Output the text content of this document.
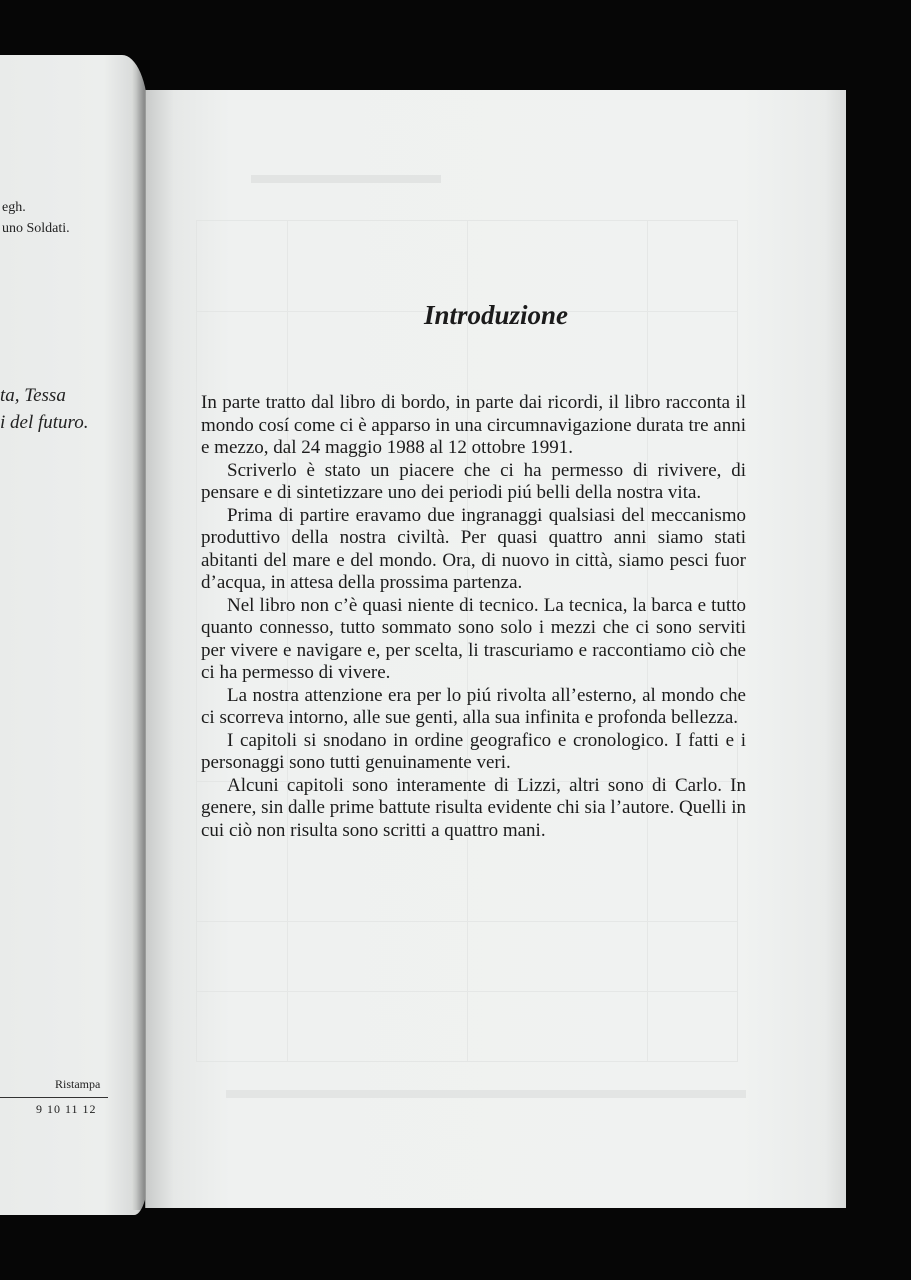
egh.
uno Soldati.
ta, Tessa
i del futuro.
Ristampa
9 10 11 12
Introduzione

In parte tratto dal libro di bordo, in parte dai ricordi, il libro racconta il mondo cosí come ci è apparso in una circumnavigazione durata tre anni e mezzo, dal 24 maggio 1988 al 12 ottobre 1991.

Scriverlo è stato un piacere che ci ha permesso di rivivere, di pensare e di sintetizzare uno dei periodi piú belli della nostra vita.

Prima di partire eravamo due ingranaggi qualsiasi del meccanismo produttivo della nostra civiltà. Per quasi quattro anni siamo stati abitanti del mare e del mondo. Ora, di nuovo in città, siamo pesci fuor d’acqua, in attesa della prossima partenza.

Nel libro non c’è quasi niente di tecnico. La tecnica, la barca e tutto quanto connesso, tutto sommato sono solo i mezzi che ci sono serviti per vivere e navigare e, per scelta, li trascuriamo e raccontiamo ciò che ci ha permesso di vivere.

La nostra attenzione era per lo piú rivolta all’esterno, al mondo che ci scorreva intorno, alle sue genti, alla sua infinita e profonda bellezza.

I capitoli si snodano in ordine geografico e cronologico. I fatti e i personaggi sono tutti genuinamente veri.

Alcuni capitoli sono interamente di Lizzi, altri sono di Carlo. In genere, sin dalle prime battute risulta evidente chi sia l’autore. Quelli in cui ciò non risulta sono scritti a quattro mani.
